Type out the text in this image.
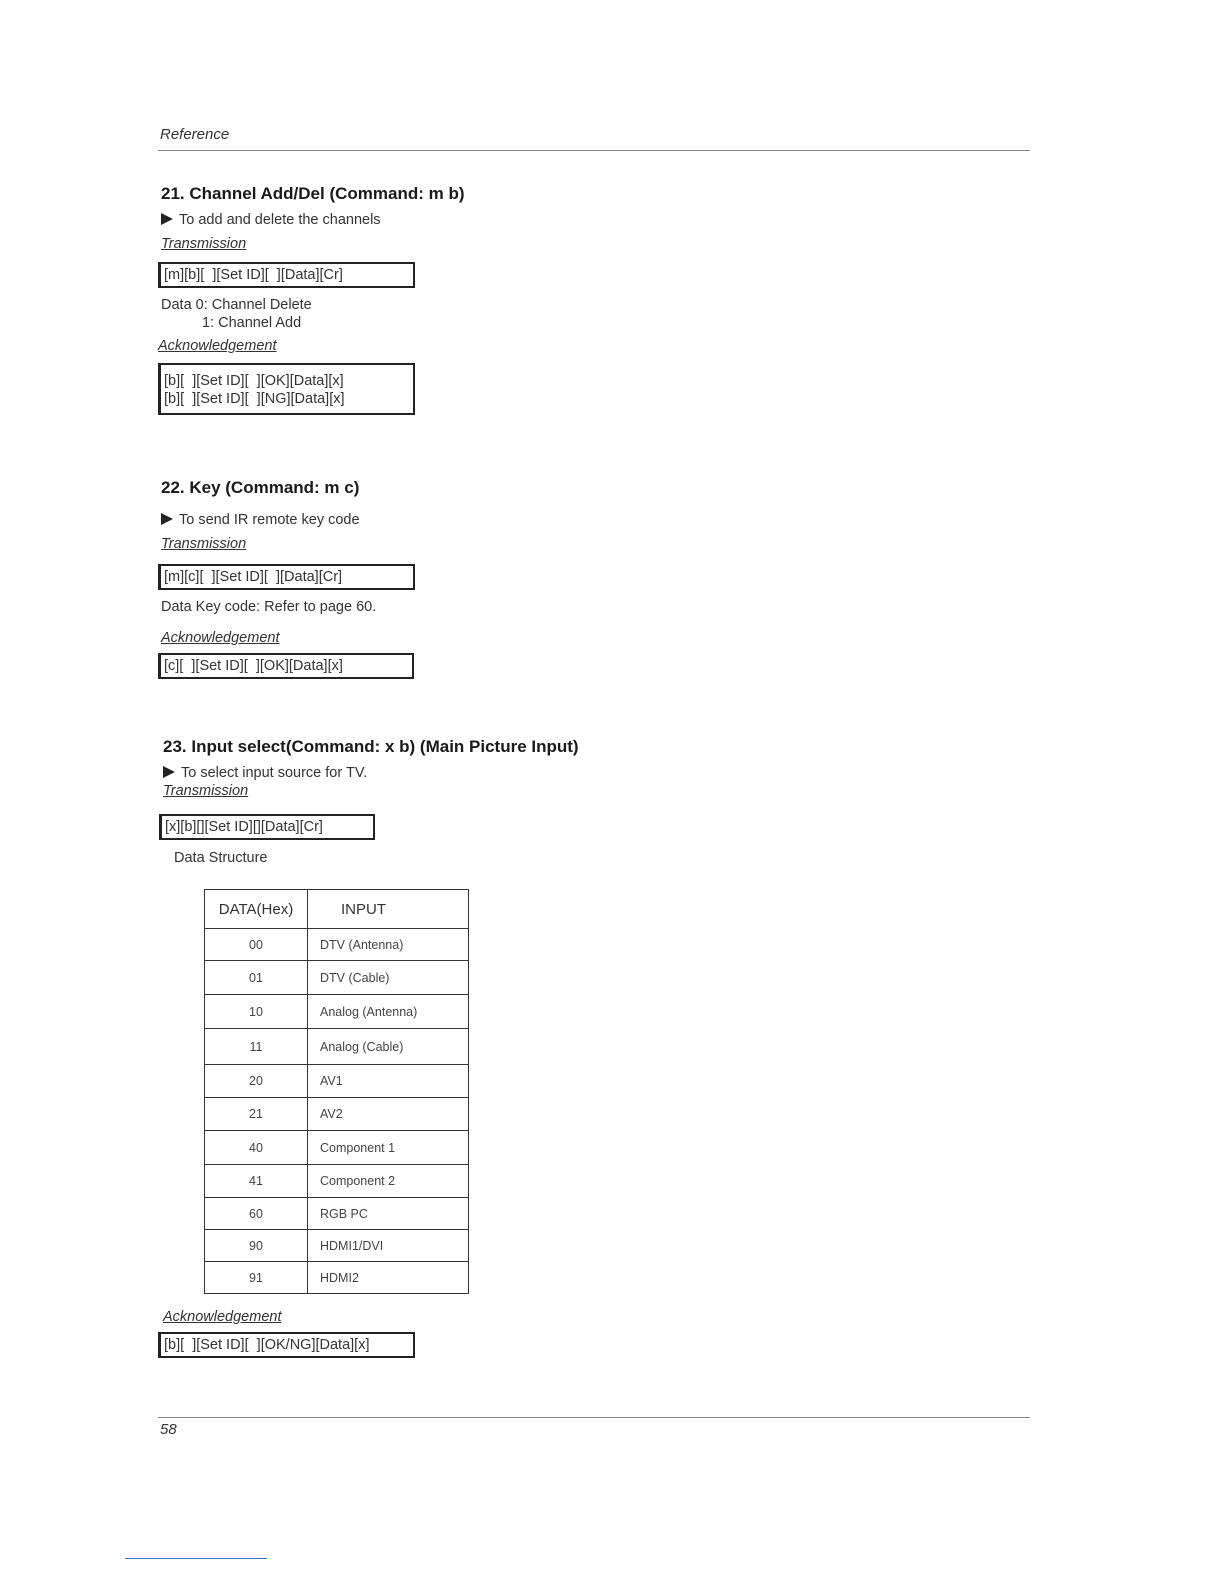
Reference
21. Channel Add/Del (Command: m b)
To add and delete the channels
Transmission
[m][b][  ][Set ID][  ][Data][Cr]
Data 0: Channel Delete
1: Channel Add
Acknowledgement
[b][  ][Set ID][  ][OK][Data][x]
[b][  ][Set ID][  ][NG][Data][x]
22. Key (Command: m c)
To send IR remote key code
Transmission
[m][c][  ][Set ID][  ][Data][Cr]
Data Key code: Refer to page 60.
Acknowledgement
[c][  ][Set ID][  ][OK][Data][x]
23. Input select(Command: x b) (Main Picture Input)
To select input source for TV.
Transmission
[x][b][][Set ID][][Data][Cr]
Data Structure
DATA(Hex)	INPUT
00	DTV (Antenna)
01	DTV (Cable)
10	Analog (Antenna)
11	Analog (Cable)
20	AV1
21	AV2
40	Component 1
41	Component 2
60	RGB PC
90	HDMI1/DVI
91	HDMI2
Acknowledgement
[b][  ][Set ID][  ][OK/NG][Data][x]
58
